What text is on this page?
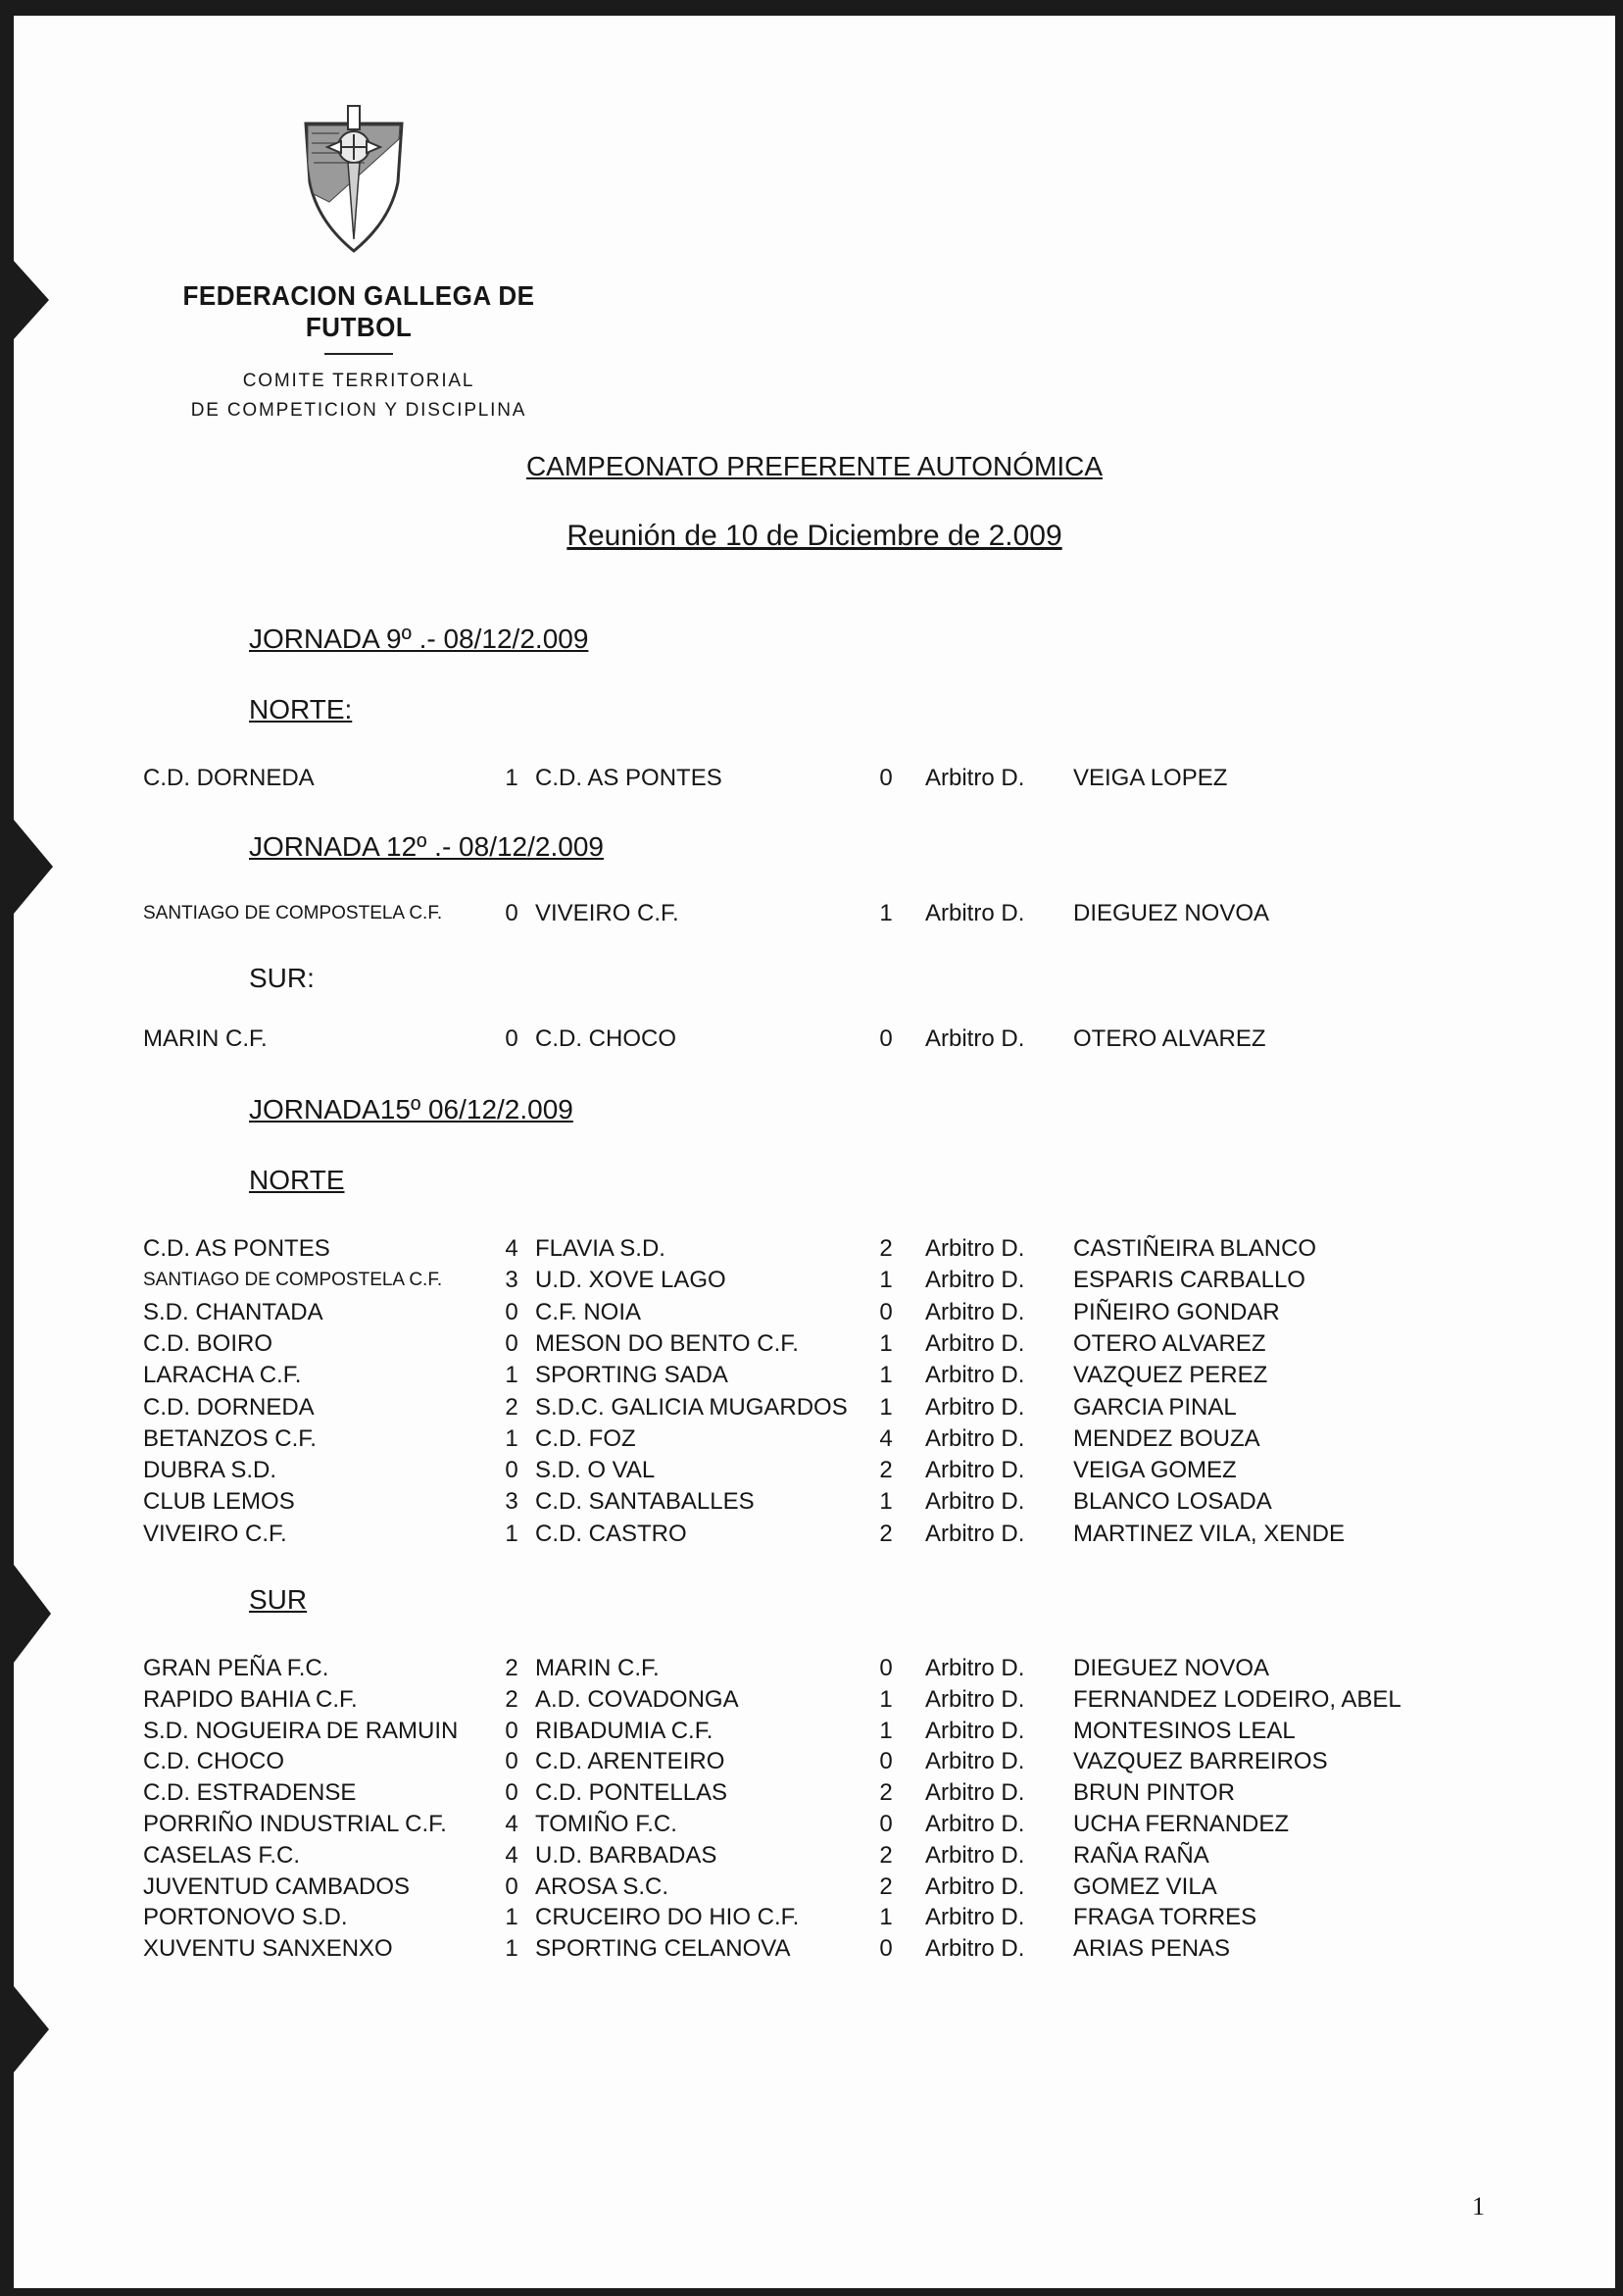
FEDERACION GALLEGA DE FUTBOL
COMITE TERRITORIAL
DE COMPETICION Y DISCIPLINA
CAMPEONATO PREFERENTE AUTONÓMICA
Reunión de 10 de Diciembre de 2.009
JORNADA 9º .- 08/12/2.009
NORTE:
C.D. DORNEDA	1 C.D. AS PONTES	0	Arbitro D. VEIGA LOPEZ
JORNADA 12º .- 08/12/2.009
SANTIAGO DE COMPOSTELA C.F.	0 VIVEIRO C.F.	1	Arbitro D. DIEGUEZ NOVOA
SUR:
MARIN C.F.	0 C.D. CHOCO	0	Arbitro D. OTERO ALVAREZ
JORNADA15º 06/12/2.009
NORTE
C.D. AS PONTES	4 FLAVIA S.D.	2	Arbitro D. CASTIÑEIRA BLANCO
SANTIAGO DE COMPOSTELA C.F.	3 U.D. XOVE LAGO	1	Arbitro D. ESPARIS CARBALLO
S.D. CHANTADA	0 C.F. NOIA	0	Arbitro D. PIÑEIRO GONDAR
C.D. BOIRO	0 MESON DO BENTO C.F.	1	Arbitro D. OTERO ALVAREZ
LARACHA C.F.	1 SPORTING SADA	1	Arbitro D. VAZQUEZ PEREZ
C.D. DORNEDA	2 S.D.C. GALICIA MUGARDOS	1	Arbitro D. GARCIA PINAL
BETANZOS C.F.	1 C.D. FOZ	4	Arbitro D. MENDEZ BOUZA
DUBRA S.D.	0 S.D. O VAL	2	Arbitro D. VEIGA GOMEZ
CLUB LEMOS	3 C.D. SANTABALLES	1	Arbitro D. BLANCO LOSADA
VIVEIRO C.F.	1 C.D. CASTRO	2	Arbitro D. MARTINEZ VILA, XENDE
SUR
GRAN PEÑA F.C.	2 MARIN C.F.	0	Arbitro D. DIEGUEZ NOVOA
RAPIDO BAHIA C.F.	2 A.D. COVADONGA	1	Arbitro D. FERNANDEZ LODEIRO, ABEL
S.D. NOGUEIRA DE RAMUIN	0 RIBADUMIA C.F.	1	Arbitro D. MONTESINOS LEAL
C.D. CHOCO	0 C.D. ARENTEIRO	0	Arbitro D. VAZQUEZ BARREIROS
C.D. ESTRADENSE	0 C.D. PONTELLAS	2	Arbitro D. BRUN PINTOR
PORRIÑO INDUSTRIAL C.F.	4 TOMIÑO F.C.	0	Arbitro D. UCHA FERNANDEZ
CASELAS F.C.	4 U.D. BARBADAS	2	Arbitro D. RAÑA RAÑA
JUVENTUD CAMBADOS	0 AROSA S.C.	2	Arbitro D. GOMEZ VILA
PORTONOVO S.D.	1 CRUCEIRO DO HIO C.F.	1	Arbitro D. FRAGA TORRES
XUVENTU SANXENXO	1 SPORTING CELANOVA	0	Arbitro D. ARIAS PENAS
1
